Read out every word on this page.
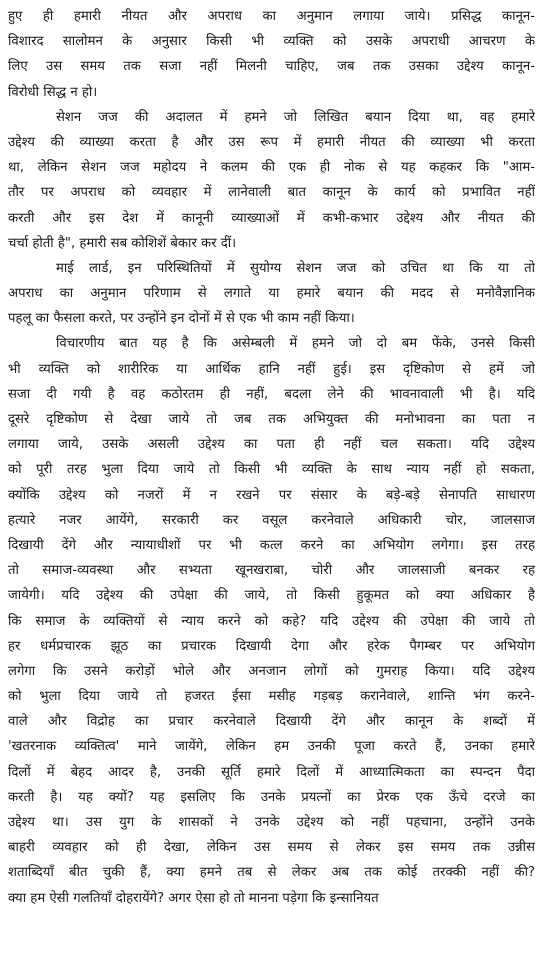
हुए ही हमारी नीयत और अपराध का अनुमान लगाया जाये। प्रसिद्ध कानून-
विशारद सालोमन के अनुसार किसी भी व्यक्ति को उसके अपराधी आचरण के
लिए उस समय तक सजा नहीं मिलनी चाहिए, जब तक उसका उद्देश्य कानून-
विरोधी सिद्ध न हो।
सेशन जज की अदालत में हमने जो लिखित बयान दिया था, वह हमारे
उद्देश्य की व्याख्या करता है और उस रूप में हमारी नीयत की व्याख्या भी करता
था, लेकिन सेशन जज महोदय ने कलम की एक ही नोक से यह कहकर कि "आम-
तौर पर अपराध को व्यवहार में लानेवाली बात कानून के कार्य को प्रभावित नहीं
करती और इस देश में कानूनी व्याख्याओं में कभी-कभार उद्देश्य और नीयत की
चर्चा होती है", हमारी सब कोशिशें बेकार कर दीं।
माई लार्ड, इन परिस्थितियों में सुयोग्य सेशन जज को उचित था कि या तो
अपराध का अनुमान परिणाम से लगाते या हमारे बयान की मदद से मनोवैज्ञानिक
पहलू का फैसला करते, पर उन्होंने इन दोनों में से एक भी काम नहीं किया।
विचारणीय बात यह है कि असेम्बली में हमने जो दो बम फेंके, उनसे किसी
भी व्यक्ति को शारीरिक या आर्थिक हानि नहीं हुई। इस दृष्टिकोण से हमें जो
सजा दी गयी है वह कठोरतम ही नहीं, बदला लेने की भावनावाली भी है। यदि
दूसरे दृष्टिकोण से देखा जाये तो जब तक अभियुक्त की मनोभावना का पता न
लगाया जाये, उसके असली उद्देश्य का पता ही नहीं चल सकता। यदि उद्देश्य
को पूरी तरह भुला दिया जाये तो किसी भी व्यक्ति के साथ न्याय नहीं हो सकता,
क्योंकि उद्देश्य को नजरों में न रखने पर संसार के बड़े-बड़े सेनापति साधारण
हत्यारे नजर आयेंगे, सरकारी कर वसूल करनेवाले अधिकारी चोर, जालसाज
दिखायी देंगे और न्यायाधीशों पर भी कत्ल करने का अभियोग लगेगा। इस तरह
तो समाज-व्यवस्था और सभ्यता खूनखराबा, चोरी और जालसाजी बनकर रह
जायेगी। यदि उद्देश्य की उपेक्षा की जाये, तो किसी हुकूमत को क्या अधिकार है
कि समाज के व्यक्तियों से न्याय करने को कहे? यदि उद्देश्य की उपेक्षा की जाये तो
हर धर्मप्रचारक झूठ का प्रचारक दिखायी देगा और हरेक पैगम्बर पर अभियोग
लगेगा कि उसने करोड़ों भोले और अनजान लोगों को गुमराह किया। यदि उद्देश्य
को भुला दिया जाये तो हजरत ईसा मसीह गड़बड़ करानेवाले, शान्ति भंग करने-
वाले और विद्रोह का प्रचार करनेवाले दिखायी देंगे और कानून के शब्दों में
'खतरनाक व्यक्तित्व' माने जायेंगे, लेकिन हम उनकी पूजा करते हैं, उनका हमारे
दिलों में बेहद आदर है, उनकी सूर्ति हमारे दिलों में आध्यात्मिकता का स्पन्दन पैदा
करती है। यह क्यों? यह इसलिए कि उनके प्रयत्नों का प्रेरक एक ऊँचे दरजे का
उद्देश्य था। उस युग के शासकों ने उनके उद्देश्य को नहीं पहचाना, उन्होंने उनके
बाहरी व्यवहार को ही देखा, लेकिन उस समय से लेकर इस समय तक उन्नीस
शताब्दियाँ बीत चुकी हैं, क्या हमने तब से लेकर अब तक कोई तरक्की नहीं की?
क्या हम ऐसी गलतियाँ दोहरायेंगे? अगर ऐसा हो तो मानना पड़ेगा कि इन्सानियत
